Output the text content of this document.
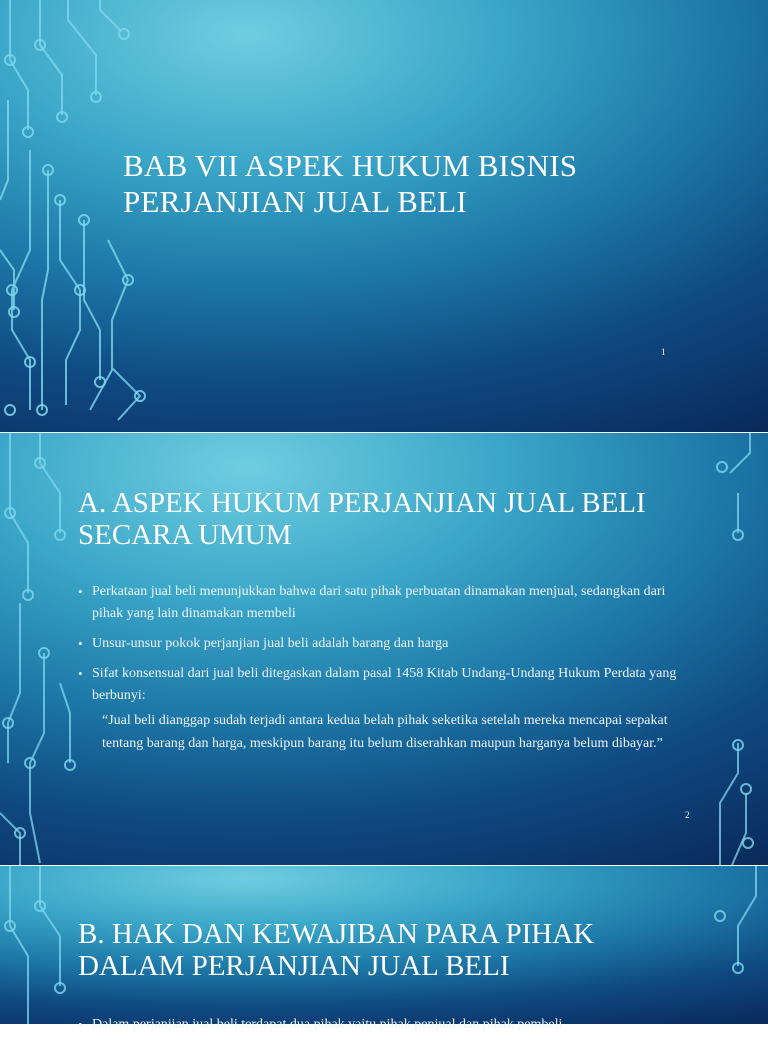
BAB VII ASPEK HUKUM BISNIS PERJANJIAN JUAL BELI
1
A. ASPEK HUKUM PERJANJIAN JUAL BELI SECARA UMUM
• Perkataan jual beli menunjukkan bahwa dari satu pihak perbuatan dinamakan menjual, sedangkan dari pihak yang lain dinamakan membeli
• Unsur-unsur pokok perjanjian jual beli adalah barang dan harga
• Sifat konsensual dari jual beli ditegaskan dalam pasal 1458 Kitab Undang-Undang Hukum Perdata yang berbunyi:
“Jual beli dianggap sudah terjadi antara kedua belah pihak seketika setelah mereka mencapai sepakat tentang barang dan harga, meskipun barang itu belum diserahkan maupun harganya belum dibayar.”
2
B. HAK DAN KEWAJIBAN PARA PIHAK DALAM PERJANJIAN JUAL BELI
• Dalam perjanjian jual beli terdapat dua pihak yaitu pihak penjual dan pihak pembeli
